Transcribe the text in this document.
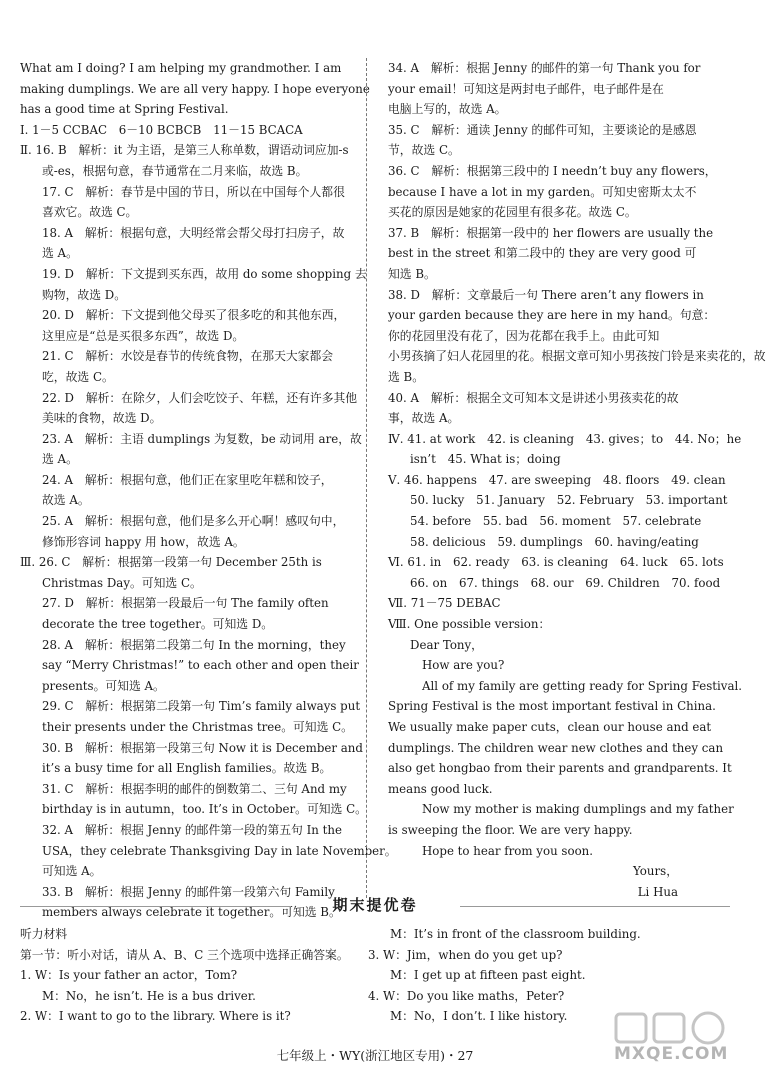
What am I doing? I am helping my grandmother. I am
making dumplings. We are all very happy. I hope everyone
has a good time at Spring Festival.
Ⅰ. 1－5 CCBAC　6－10 BCBCB　11－15 BCACA
Ⅱ. 16. B　解析：it 为主语，是第三人称单数，谓语动词应加-s
或-es，根据句意，春节通常在二月来临，故选 B。
17. C　解析：春节是中国的节日，所以在中国每个人都很
喜欢它。故选 C。
18. A　解析：根据句意，大明经常会帮父母打扫房子，故
选 A。
19. D　解析：下文提到买东西，故用 do some shopping 去
购物，故选 D。
20. D　解析：下文提到他父母买了很多吃的和其他东西，
这里应是“总是买很多东西”，故选 D。
21. C　解析：水饺是春节的传统食物，在那天大家都会
吃，故选 C。
22. D　解析：在除夕，人们会吃饺子、年糕，还有许多其他
美味的食物，故选 D。
23. A　解析：主语 dumplings 为复数，be 动词用 are，故
选 A。
24. A　解析：根据句意，他们正在家里吃年糕和饺子，
故选 A。
25. A　解析：根据句意，他们是多么开心啊！感叹句中，
修饰形容词 happy 用 how，故选 A。
Ⅲ. 26. C　解析：根据第一段第一句 December 25th is
Christmas Day。可知选 C。
27. D　解析：根据第一段最后一句 The family often
decorate the tree together。可知选 D。
28. A　解析：根据第二段第二句 In the morning，they
say “Merry Christmas!” to each other and open their
presents。可知选 A。
29. C　解析：根据第二段第一句 Tim’s family always put
their presents under the Christmas tree。可知选 C。
30. B　解析：根据第一段第三句 Now it is December and
it’s a busy time for all English families。故选 B。
31. C　解析：根据李明的邮件的倒数第二、三句 And my
birthday is in autumn，too. It’s in October。可知选 C。
32. A　解析：根据 Jenny 的邮件第一段的第五句 In the
USA，they celebrate Thanksgiving Day in late November。
可知选 A。
33. B　解析：根据 Jenny 的邮件第一段第六句 Family
members always celebrate it together。可知选 B。
34. A　解析：根据 Jenny 的邮件的第一句 Thank you for
your email！可知这是两封电子邮件，电子邮件是在
电脑上写的，故选 A。
35. C　解析：通读 Jenny 的邮件可知，主要谈论的是感恩
节，故选 C。
36. C　解析：根据第三段中的 I needn’t buy any flowers，
because I have a lot in my garden。可知史密斯太太不
买花的原因是她家的花园里有很多花。故选 C。
37. B　解析：根据第一段中的 her flowers are usually the
best in the street 和第二段中的 they are very good 可
知选 B。
38. D　解析：文章最后一句 There aren’t any flowers in
your garden because they are here in my hand。句意：
你的花园里没有花了，因为花都在我手上。由此可知
小男孩摘了妇人花园里的花。根据文章可知小男孩按门铃是来卖花的，故
选 B。
40. A　解析：根据全文可知本文是讲述小男孩卖花的故
事，故选 A。
Ⅳ. 41. at work　42. is cleaning　43. gives；to　44. No；he
isn’t　45. What is；doing
Ⅴ. 46. happens　47. are sweeping　48. floors　49. clean
50. lucky　51. January　52. February　53. important
54. before　55. bad　56. moment　57. celebrate
58. delicious　59. dumplings　60. having/eating
Ⅵ. 61. in　62. ready　63. is cleaning　64. luck　65. lots
66. on　67. things　68. our　69. Children　70. food
Ⅶ. 71－75 DEBAC
Ⅷ. One possible version：
Dear Tony，
How are you?
All of my family are getting ready for Spring Festival.
Spring Festival is the most important festival in China.
We usually make paper cuts，clean our house and eat
dumplings. The children wear new clothes and they can
also get hongbao from their parents and grandparents. It
means good luck.
Now my mother is making dumplings and my father
is sweeping the floor. We are very happy.
Hope to hear from you soon.
Yours，
Li Hua
期末提优卷
听力材料
第一节：听小对话，请从 A、B、C 三个选项中选择正确答案。
1. W：Is your father an actor，Tom?
M：No，he isn’t. He is a bus driver.
2. W：I want to go to the library. Where is it?
M：It’s in front of the classroom building.
3. W：Jim，when do you get up?
M：I get up at fifteen past eight.
4. W：Do you like maths，Peter?
M：No，I don’t. I like history.
七年级上・WY(浙江地区专用)・27	MXQE.COM
